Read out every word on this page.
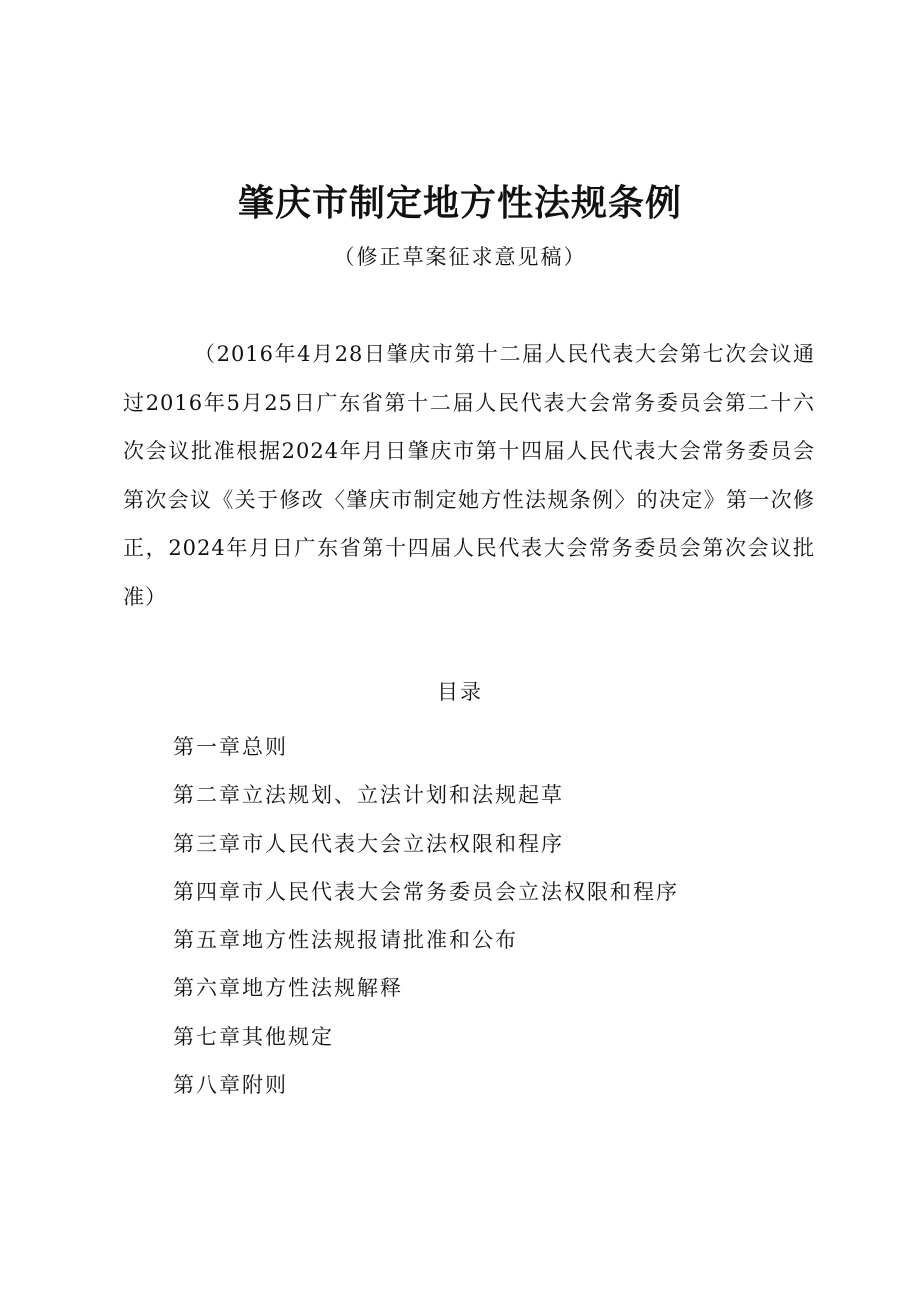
肇庆市制定地方性法规条例
（修正草案征求意见稿）

（2016年4月28日肇庆市第十二届人民代表大会第七次会议通过2016年5月25日广东省第十二届人民代表大会常务委员会第二十六次会议批准根据2024年月日肇庆市第十四届人民代表大会常务委员会第次会议《关于修改〈肇庆市制定她方性法规条例〉的决定》第一次修正，2024年月日广东省第十四届人民代表大会常务委员会第次会议批准）

目录
第一章总则
第二章立法规划、立法计划和法规起草
第三章市人民代表大会立法权限和程序
第四章市人民代表大会常务委员会立法权限和程序
第五章地方性法规报请批准和公布
第六章地方性法规解释
第七章其他规定
第八章附则
